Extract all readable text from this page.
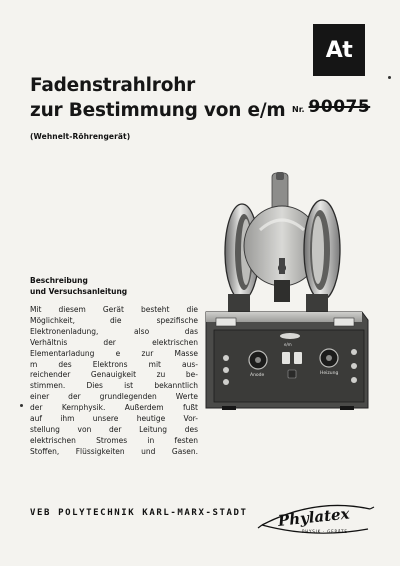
At
Fadenstrahlrohr
zur Bestimmung von e/m Nr. 90075
(Wehnelt-Röhrengerät)
e/m
Anode	Heizung
Beschreibung
und Versuchsanleitung
Mit diesem Gerät besteht die
Möglichkeit, die spezifische
Elektronenladung, also das
Verhältnis der elektrischen
Elementarladung e zur Masse
m des Elektrons mit aus-
reichender Genauigkeit zu be-
stimmen. Dies ist bekanntlich
einer der grundlegenden Werte
der Kernphysik. Außerdem fußt
auf ihm unsere heutige Vor-
stellung von der Leitung des
elektrischen Stromes in festen
Stoffen, Flüssigkeiten und Gasen.
VEB POLYTECHNIK KARL-MARX-STADT Phylatex
PHYSIK · GERÄTE
